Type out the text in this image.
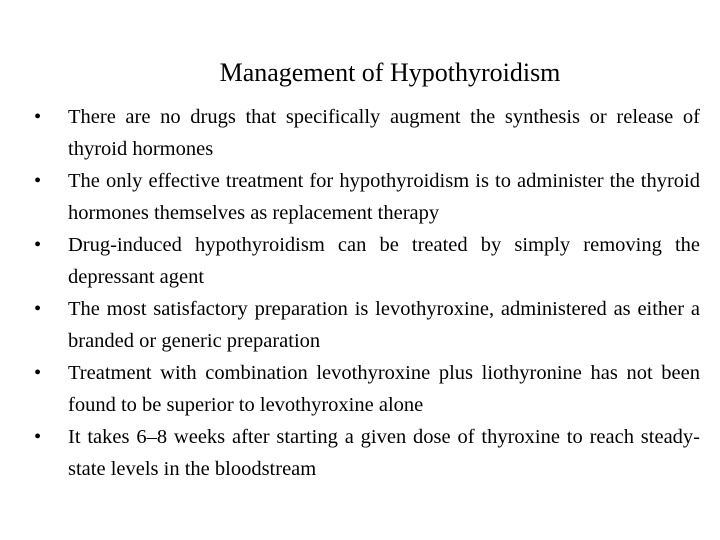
Management of Hypothyroidism
• There are no drugs that specifically augment the synthesis or release of thyroid hormones
• The only effective treatment for hypothyroidism is to administer the thyroid hormones themselves as replacement therapy
• Drug-induced hypothyroidism can be treated by simply removing the depressant agent
• The most satisfactory preparation is levothyroxine, administered as either a branded or generic preparation
• Treatment with combination levothyroxine plus liothyronine has not been found to be superior to levothyroxine alone
• It takes 6–8 weeks after starting a given dose of thyroxine to reach steady-state levels in the bloodstream
